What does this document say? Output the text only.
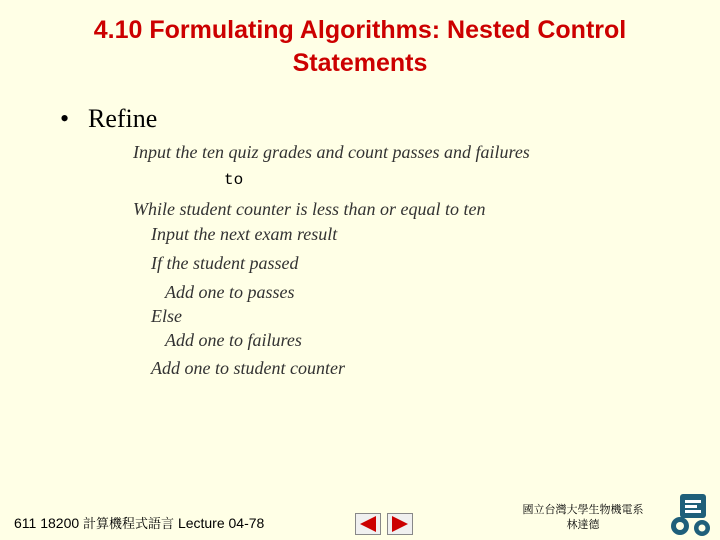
4.10 Formulating Algorithms: Nested Control
Statements
• Refine
Input the ten quiz grades and count passes and failures
to
While student counter is less than or equal to ten
Input the next exam result
If the student passed
Add one to passes
Else
Add one to failures
Add one to student counter
611 18200 計算機程式語言 Lecture 04-78
國立台灣大學生物機電系
林達德
